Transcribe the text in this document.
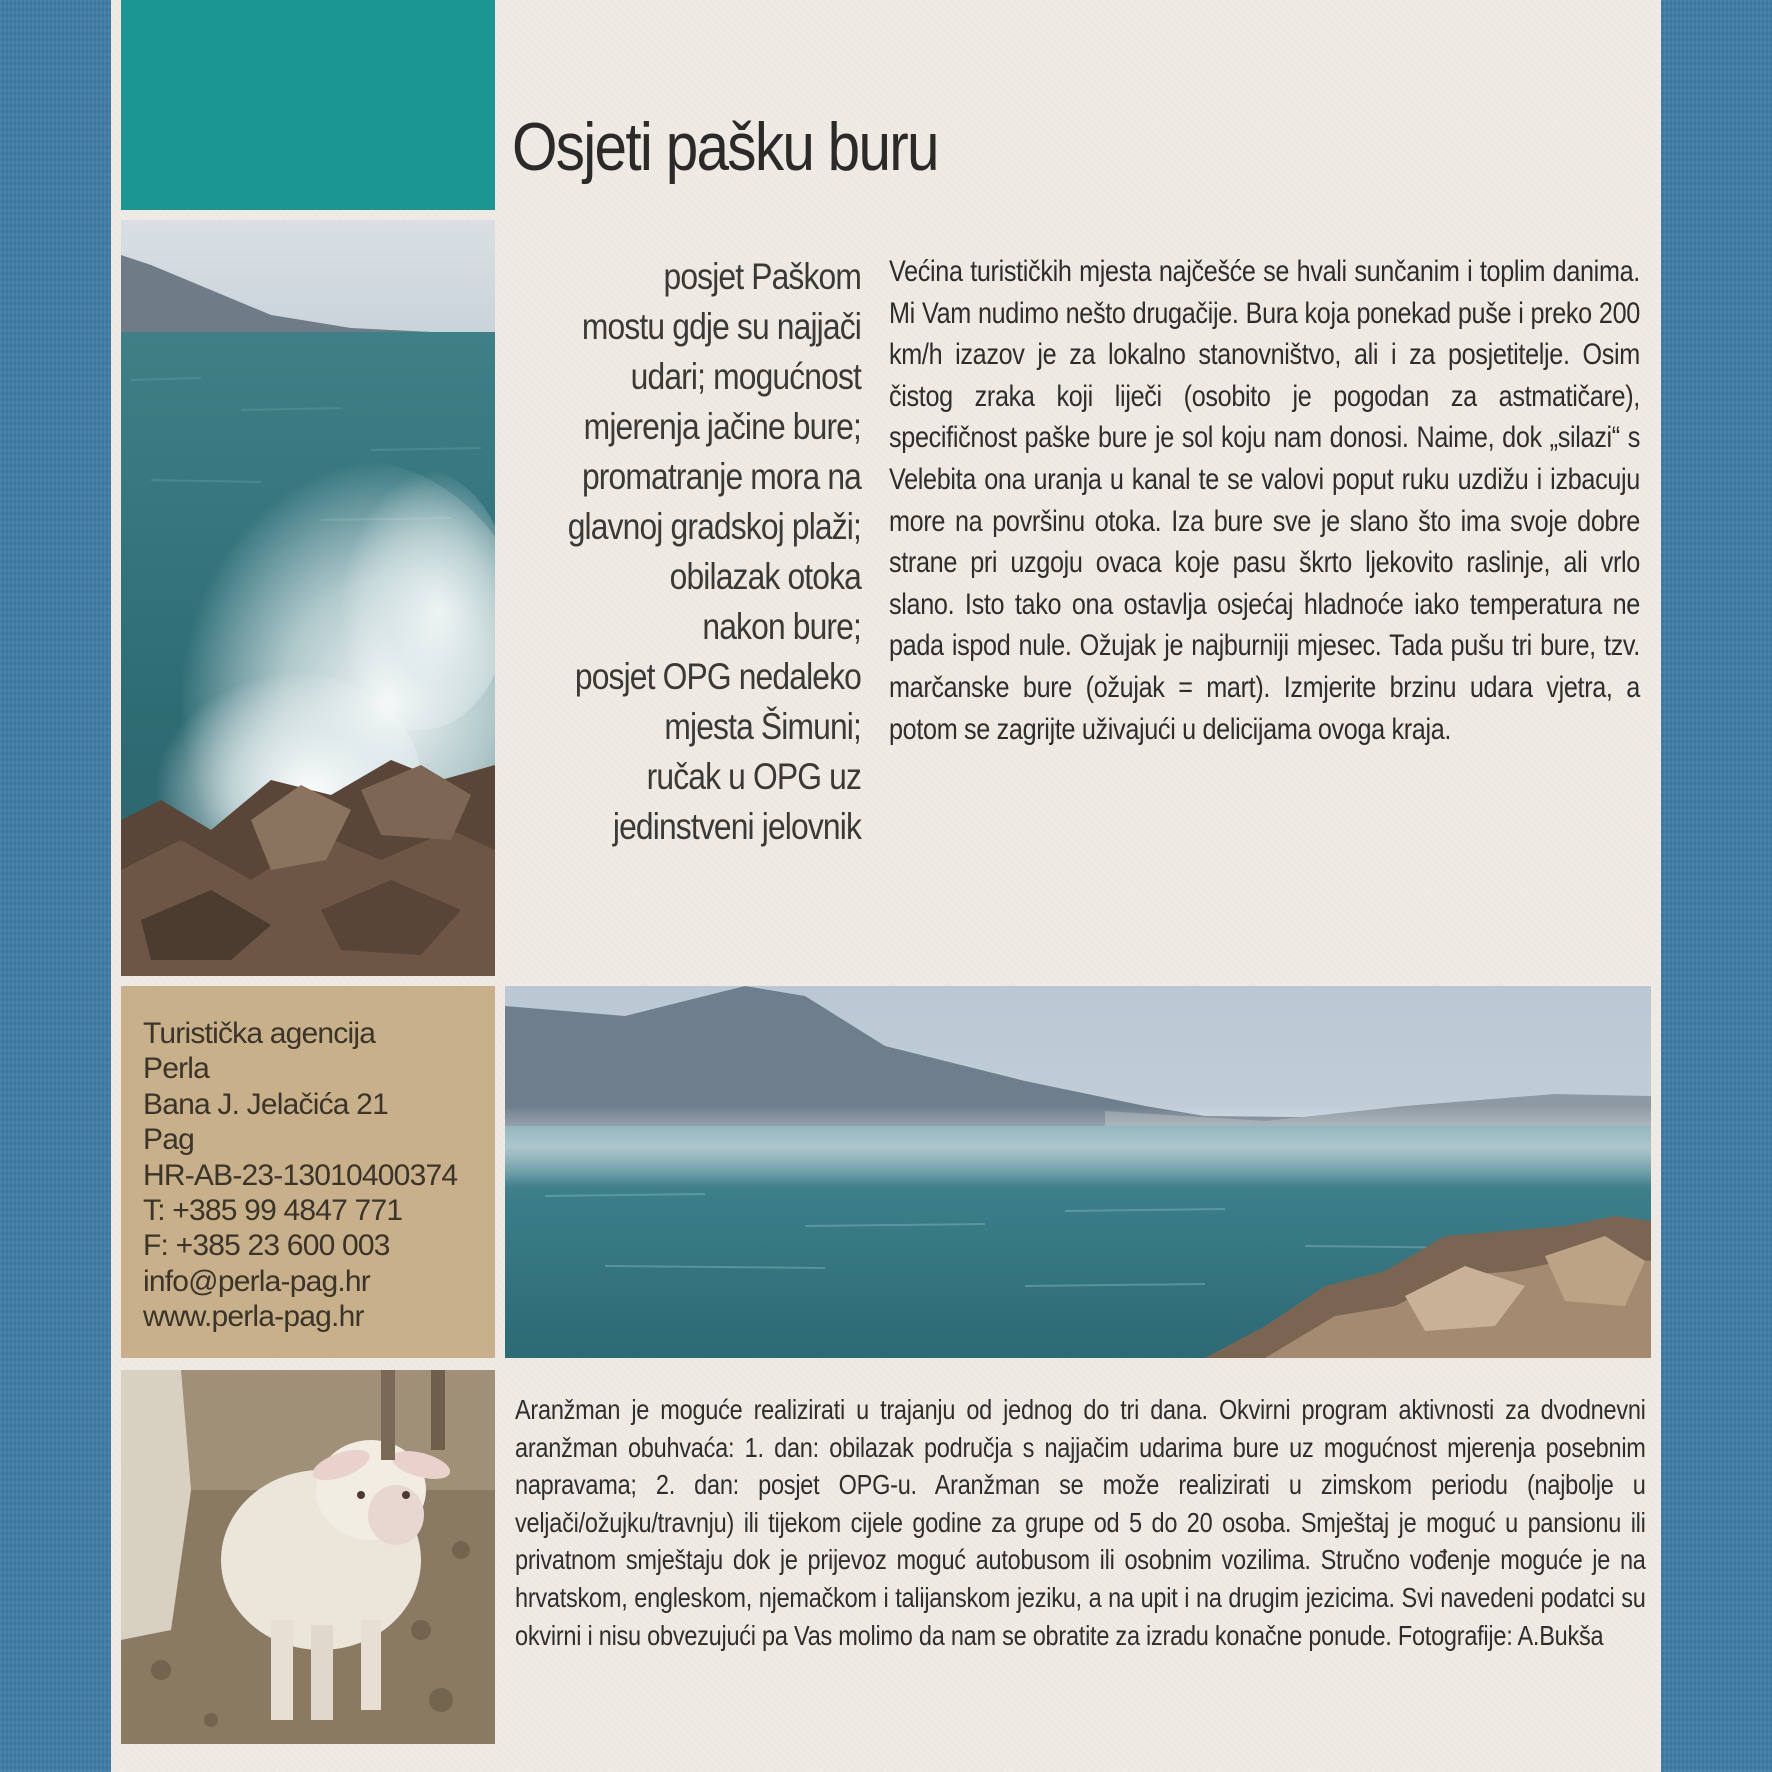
Osjeti pašku buru
posjet Paškom
mostu gdje su najjači
udari; mogućnost
mjerenja jačine bure;
promatranje mora na
glavnoj gradskoj plaži;
obilazak otoka
nakon bure;
posjet OPG nedaleko
mjesta Šimuni;
ručak u OPG uz
jedinstveni jelovnik
Većina turističkih mjesta najčešće se hvali sunčanim i toplim danima. Mi Vam nudimo nešto drugačije. Bura koja ponekad puše i preko 200 km/h izazov je za lokalno stanovništvo, ali i za posjetitelje. Osim čistog zraka koji liječi (osobito je pogodan za astmatičare), specifičnost paške bure je sol koju nam donosi. Naime, dok „silazi“ s Velebita ona uranja u kanal te se valovi poput ruku uzdižu i izbacuju more na površinu otoka. Iza bure sve je slano što ima svoje dobre strane pri uzgoju ovaca koje pasu škrto ljekovito raslinje, ali vrlo slano. Isto tako ona ostavlja osjećaj hladnoće iako temperatura ne pada ispod nule. Ožujak je najburniji mjesec. Tada pušu tri bure, tzv. marčanske bure (ožujak = mart). Izmjerite brzinu udara vjetra, a potom se zagrijte uživajući u delicijama ovoga kraja.
Turistička agencija
Perla
Bana J. Jelačića 21
Pag
HR-AB-23-13010400374
T: +385 99 4847 771
F: +385 23 600 003
info@perla-pag.hr
www.perla-pag.hr
Aranžman je moguće realizirati u trajanju od jednog do tri dana. Okvirni program aktivnosti za dvodnevni aranžman obuhvaća: 1. dan: obilazak područja s najjačim udarima bure uz mogućnost mjerenja posebnim napravama; 2. dan: posjet OPG-u. Aranžman se može realizirati u zimskom periodu (najbolje u veljači/ožujku/travnju) ili tijekom cijele godine za grupe od 5 do 20 osoba. Smještaj je moguć u pansionu ili privatnom smještaju dok je prijevoz moguć autobusom ili osobnim vozilima. Stručno vođenje moguće je na hrvatskom, engleskom, njemačkom i talijanskom jeziku, a na upit i na drugim jezicima. Svi navedeni podatci su okvirni i nisu obvezujući pa Vas molimo da nam se obratite za izradu konačne ponude. Fotografije: A.Bukša
